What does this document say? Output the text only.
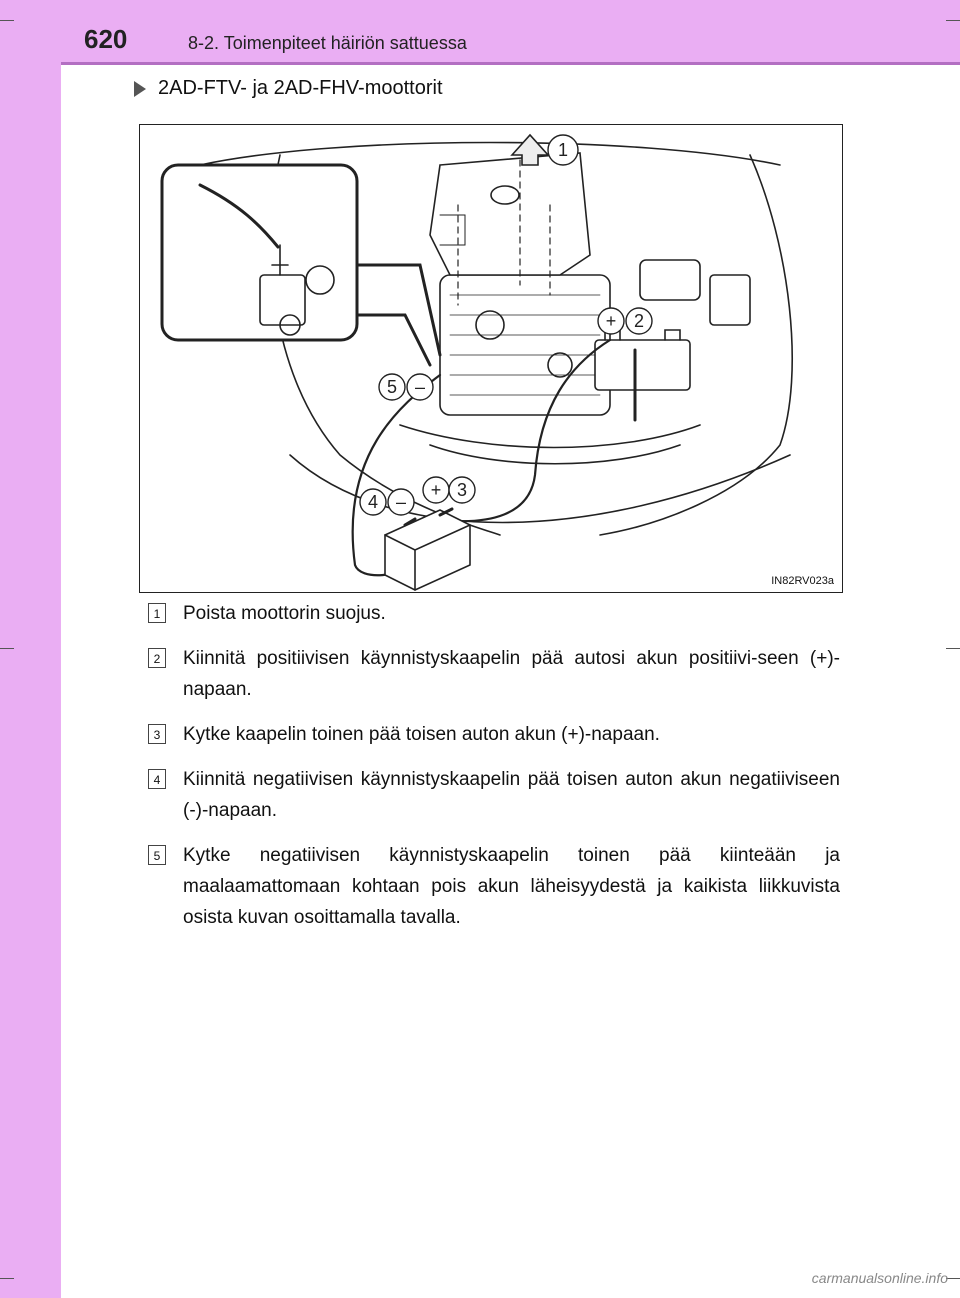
620	8-2. Toimenpiteet häiriön sattuessa
2AD-FTV- ja 2AD-FHV-moottorit
1
+ 2
+ 3
4 –
5 –
IN82RV023a
1 Poista moottorin suojus.
2 Kiinnitä positiivisen käynnistyskaapelin pää autosi akun positiivi-seen (+)-napaan.
3 Kytke kaapelin toinen pää toisen auton akun (+)-napaan.
4 Kiinnitä negatiivisen käynnistyskaapelin pää toisen auton akun negatiiviseen (-)-napaan.
5 Kytke negatiivisen käynnistyskaapelin toinen pää kiinteään ja maalaamattomaan kohtaan pois akun läheisyydestä ja kaikista liikkuvista osista kuvan osoittamalla tavalla.
carmanualsonline.info
